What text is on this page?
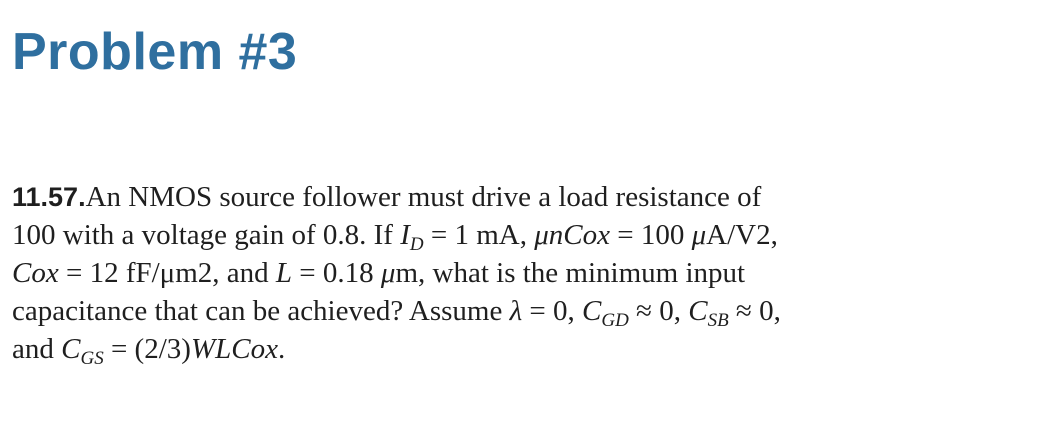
Problem #3

11.57.An NMOS source follower must drive a load resistance of
100 with a voltage gain of 0.8. If $I_D = 1$ mA, μnCox = 100 μA/V2,
Cox = 12 fF/μm2, and L = 0.18 μm, what is the minimum input
capacitance that can be achieved? Assume λ = 0, $C_{GD} \approx 0$, $C_{SB} \approx 0$,
and $C_{GS}$ = (2/3)WLCox.
